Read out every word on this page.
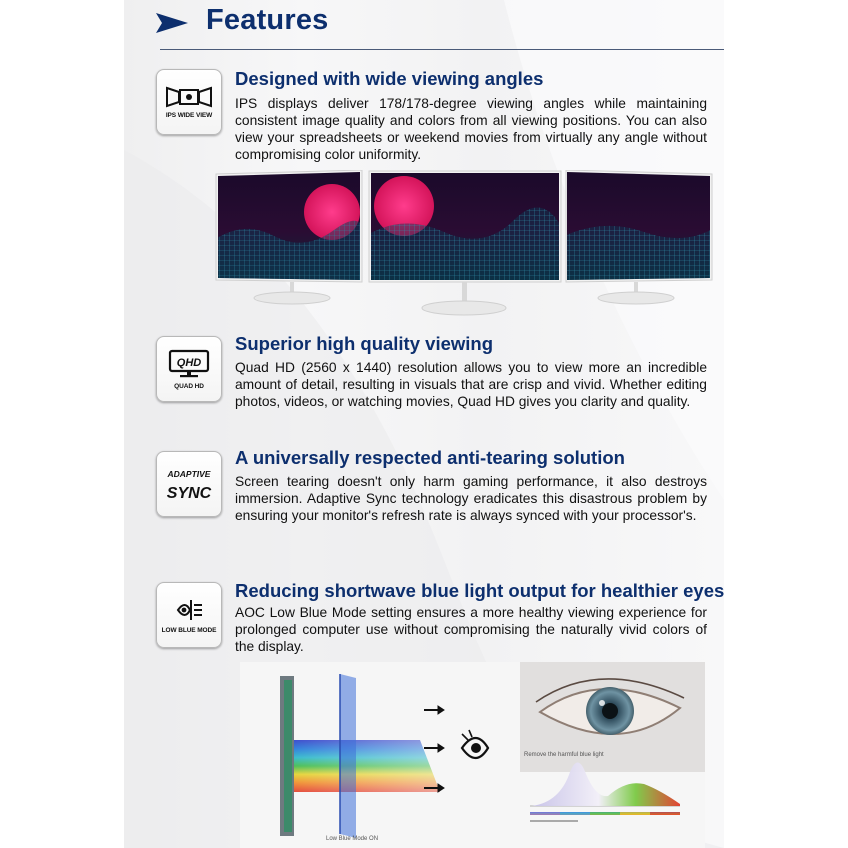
Features
IPS WIDE VIEW
Designed with wide viewing angles
IPS displays deliver 178/178-degree viewing angles while maintaining consistent image quality and colors from all viewing positions. You can also view your spreadsheets or weekend movies from virtually any angle without compromising color uniformity.
QHD
QUAD HD
Superior high quality viewing
Quad HD (2560 x 1440) resolution allows you to view more an incredible amount of detail, resulting in visuals that are crisp and vivid. Whether editing photos, videos, or watching movies, Quad HD gives you clarity and quality.
ADAPTIVE
SYNC
A universally respected anti-tearing solution
Screen tearing doesn't only harm gaming performance, it also destroys immersion. Adaptive Sync technology eradicates this disastrous problem by ensuring your monitor's refresh rate is always synced with your processor's.
LOW BLUE MODE
Reducing shortwave blue light output for healthier eyes
AOC Low Blue Mode setting ensures a more healthy viewing experience for prolonged computer use without compromising the naturally vivid colors of the display.
Remove the harmful blue light
Low Blue Mode ON
